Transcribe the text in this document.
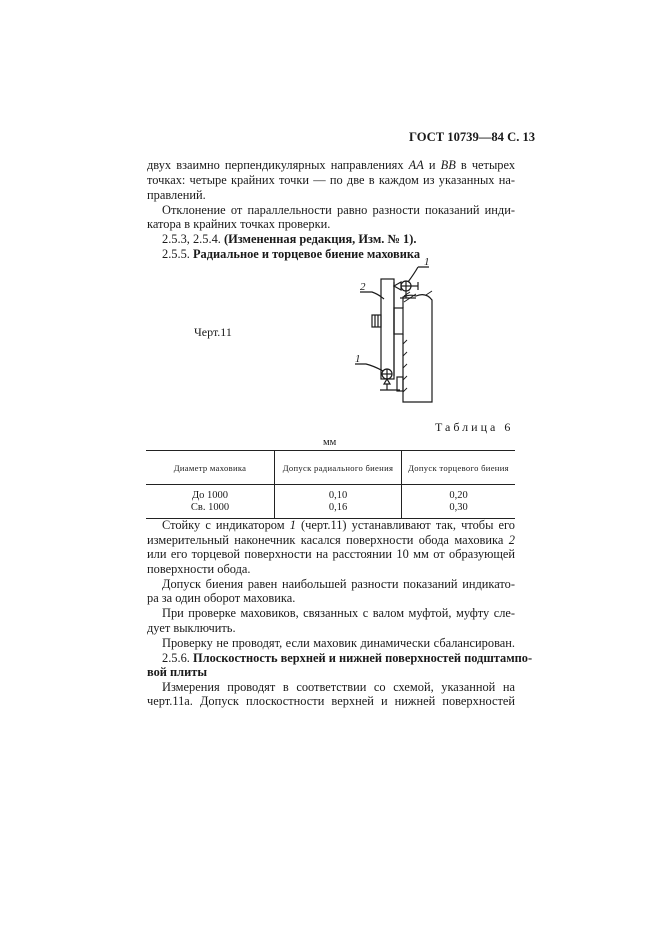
ГОСТ 10739—84 С. 13
двух взаимно перпендикулярных направлениях АА и ВВ в четырех
точках: четыре крайних точки — по две в каждом из указанных на-
правлений.
Отклонение от параллельности равно разности показаний инди-
катора в крайних точках проверки.
2.5.3, 2.5.4. (Измененная редакция, Изм. № 1).
2.5.5. Радиальное и торцевое биение маховика
Черт.11
1
2
1
Таблица 6
мм
Диаметр маховика	Допуск радиального биения	Допуск торцевого биения
До 1000	0,10	0,20
Св. 1000	0,16	0,30
Стойку с индикатором 1 (черт.11) устанавливают так, чтобы его
измерительный наконечник касался поверхности обода маховика 2
или его торцевой поверхности на расстоянии 10 мм от образующей
поверхности обода.
Допуск биения равен наибольшей разности показаний индикато-
ра за один оборот маховика.
При проверке маховиков, связанных с валом муфтой, муфту сле-
дует выключить.
Проверку не проводят, если маховик динамически сбалансирован.
2.5.6. Плоскостность верхней и нижней поверхностей подштампо-
вой плиты
Измерения проводят в соответствии со схемой, указанной на
черт.11а. Допуск плоскостности верхней и нижней поверхностей
